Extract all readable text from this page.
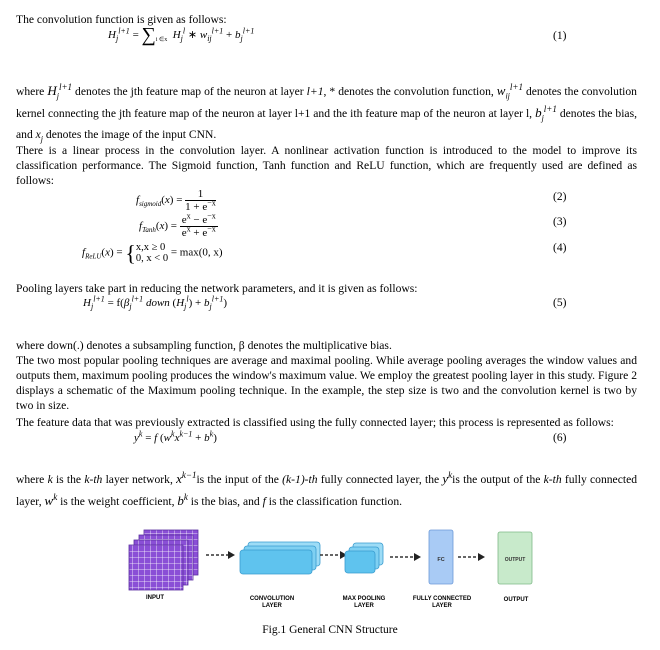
The convolution function is given as follows:
$H_j^{l+1} = \sum_{i \in x}$ $H_j^l$ ∗ $w_{ij}^{l+1} + b_j^{l+1}$	(1)
where $H_j^{l+1}$ denotes the jth feature map of the neuron at layer l+1, * denotes the convolution function, $w_{ij}^{l+1}$ denotes the convolution kernel connecting the jth feature map of the neuron at layer l+1 and the ith feature map of the neuron at layer l, $b_j^{l+1}$ denotes the bias, and $x_j$ denotes the image of the input CNN.
There is a linear process in the convolution layer. A nonlinear activation function is introduced to the model to improve its classification performance. The Sigmoid function, Tanh function and ReLU function, which are frequently used are defined as follows:
$f_{sigmoid}(x) = \frac{1}{1 + e^{-x}}$	(2)
$f_{Tanh}(x) = \frac{e^x - e^{-x}}{e^x + e^{-x}}$	(3)
$f_{ReLU}(x) = \{x,x \ge 0$
0, x < 0 = max(0, x)	(4)
Pooling layers take part in reducing the network parameters, and it is given as follows:
$H_j^{l+1} = f(\beta_j^{l+1}$ down $(H_j^l) + b_j^{l+1}$)	(5)
where down(.) denotes a subsampling function, β denotes the multiplicative bias.
The two most popular pooling techniques are average and maximal pooling. While average pooling averages the window values and outputs them, maximum pooling produces the window's maximum value. We employ the greatest pooling layer in this study. Figure 2 displays a schematic of the Maximum pooling technique. In the example, the step size is two and the convolution kernel is two by two in size.
The feature data that was previously extracted is classified using the fully connected layer; this process is represented as follows:
$y^k = f$ $(w^kx^{k-1} + b^k)$	(6)
where k is the k-th layer network, $x^{k-1}is$ the input of the (k-1)-th fully connected layer, the $y^kis$ the output of the k-th fully connected layer, $w^k$ is the weight coefficient, $b^k$ is the bias, and f is the classification function.
FC	OUTPUT
INPUT	CONVOLUTION
LAYER
MAX POOLING
LAYER
FULLY CONNECTED
LAYER
OUTPUT
Fig.1 General CNN Structure
